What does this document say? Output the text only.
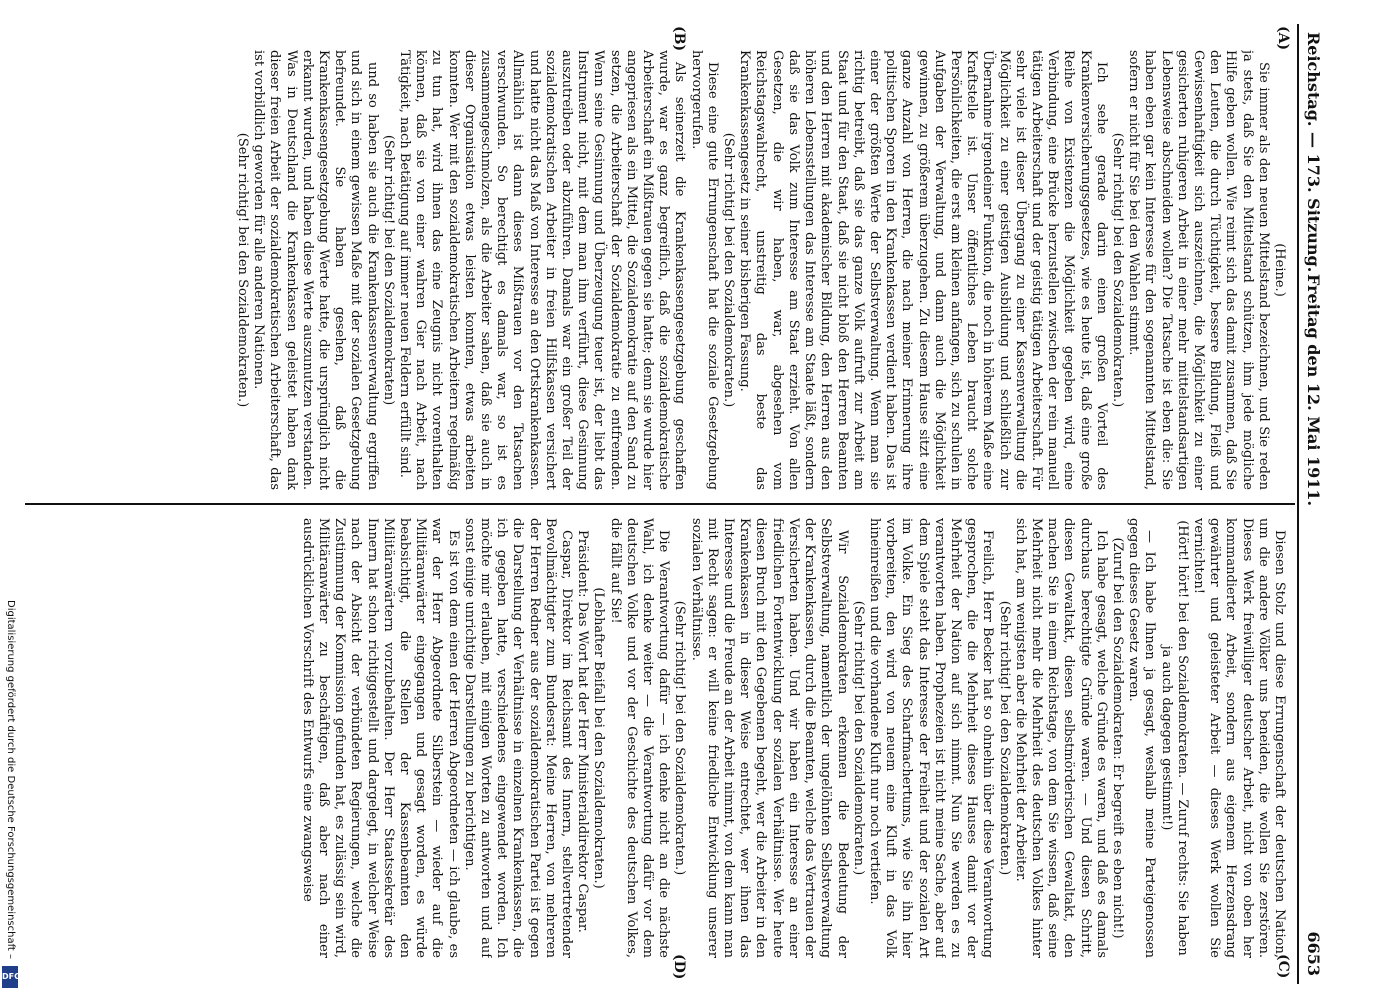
Reichstag. — 173. Sitzung.
Freitag den 12. Mai 1911.
6653
(A)
(B)
(C)
(D)

(Heine.)

Sie immer als den neuen Mittelstand bezeichnen, und Sie reden ja stets, daß Sie den Mittelstand schützen, ihm jede mögliche Hilfe geben wollen. Wie reimt sich das damit zusammen, daß Sie den Leuten, die durch Tüchtigkeit, bessere Bildung, Fleiß und Gewissenhaftigkeit sich auszeichnen, die Möglichkeit zu einer gesicherten ruhigeren Arbeit in einer mehr mittelstandsartigen Lebensweise abschneiden wollen? Die Tatsache ist eben die: Sie haben eben gar kein Interesse für den sogenannten Mittelstand, sofern er nicht für Sie bei den Wahlen stimmt.

(Sehr richtig! bei den Sozialdemokraten.)

Ich sehe gerade darin einen großen Vorteil des Krankenversicherungsgesetzes, wie es heute ist, daß eine große Reihe von Existenzen die Möglichkeit gegeben wird, eine Verbindung, eine Brücke herzustellen zwischen der rein manuell tätigen Arbeiterschaft und der geistig tätigen Arbeiterschaft. Für sehr viele ist dieser Übergang zu einer Kassenverwaltung die Möglichkeit zu einer geistigen Ausbildung und schließlich zur Übernahme irgendeiner Funktion, die noch in höherem Maße eine Kraftstelle ist. Unser öffentliches Leben braucht solche Persönlichkeiten, die erst am kleinen anfangen, sich zu schulen in Aufgaben der Verwaltung, und dann auch die Möglichkeit gewinnen, zu größerem überzugehen. Zu diesem Hause sitzt eine ganze Anzahl von Herren, die nach meiner Erinnerung ihre politischen Sporen in den Krankenkassen verdient haben. Das ist einer der größten Werte der Selbstverwaltung. Wenn man sie richtig betreibt, daß sie das ganze Volk aufruft zur Arbeit am Staat und für den Staat, daß sie nicht bloß den Herren Beamten und den Herren mit akademischer Bildung, den Herren aus den höheren Lebensstellungen das Interesse am Staate läßt, sondern daß sie das Volk zum Interesse am Staat erzieht. Von allen Gesetzen, die wir haben, war, abgesehen vom Reichstagswahlrecht, unstreitig das beste das Krankenkassengesetz in seiner bisherigen Fassung.

(Sehr richtig! bei den Sozialdemokraten.)

Diese eine gute Errungenschaft hat die soziale Gesetzgebung hervorgerufen.

Als seinerzeit die Krankenkassengesetzgebung geschaffen wurde, war es ganz begreiflich, daß die sozialdemokratische Arbeiterschaft ein Mißtrauen gegen sie hatte; denn sie wurde hier angepriesen als ein Mittel, die Sozialdemokratie auf den Sand zu setzen, die Arbeiterschaft der Sozialdemokratie zu entfremden. Wenn seine Gesinnung und Überzeugung teuer ist, der liebt das Instrument nicht, mit dem man ihm verführt, diese Gesinnung auszutreiben oder abzuführen. Damals war ein großer Teil der sozialdemokratischen Arbeiter in freien Hilfskassen versichert und hatte nicht das Maß von Interesse an den Ortskrankenkassen. Allmählich ist dann dieses Mißtrauen vor den Tatsachen verschwunden. So berechtigt es damals war, so ist es zusammengeschmolzen, als die Arbeiter sahen, daß sie auch in dieser Organisation etwas leisten konnten, etwas arbeiten konnten. Wer mit den sozialdemokratischen Arbeitern regelmäßig zu tun hat, wird ihnen das eine Zeugnis nicht vorenthalten können, daß sie von einer wahren Gier nach Arbeit, nach Tätigkeit, nach Betätigung auf immer neuen Feldern erfüllt sind.

(Sehr richtig! bei den Sozialdemokraten)

und so haben sie auch die Krankenkassenverwaltung ergriffen und sich in einem gewissen Maße mit der sozialen Gesetzgebung befreundet. Sie haben gesehen, daß die Krankenkassengesetzgebung Werte hatte, die ursprünglich nicht erkannt wurden, und haben diese Werte auszunutzen verstanden. Was in Deutschland die Krankenkassen geleistet haben dank dieser freien Arbeit der sozialdemokratischen Arbeiterschaft, das ist vorbildlich geworden für alle anderen Nationen.

(Sehr richtig! bei den Sozialdemokraten.)

Diesen Stolz und diese Errungenschaft der deutschen Nation, um die andere Völker uns beneiden, die wollen Sie zerstören. Dieses Werk freiwilliger deutscher Arbeit, nicht von oben her kommandierter Arbeit, sondern aus eigenem Herzensdrang gewährter und geleisteter Arbeit — dieses Werk wollen Sie vernichten!

(Hört! hört! bei den Sozialdemokraten. — Zuruf rechts: Sie haben ja auch dagegen gestimmt!)

— Ich habe Ihnen ja gesagt, weshalb meine Parteigenossen gegen dieses Gesetz waren.

(Zuruf bei den Sozialdemokraten: Er begreift es eben nicht!)

Ich habe gesagt, welche Gründe es waren, und daß es damals durchaus berechtigte Gründe waren. — Und diesen Schritt, diesen Gewaltakt, diesen selbstmörderischen Gewaltakt, den machen Sie in einem Reichstage, von dem Sie wissen, daß seine Mehrheit nicht mehr die Mehrheit des deutschen Volkes hinter sich hat, am wenigsten aber die Mehrheit der Arbeiter.

(Sehr richtig! bei den Sozialdemokraten.)

Freilich, Herr Becker hat so ohnehin über diese Verantwortung gesprochen, die die Mehrheit dieses Hauses damit vor der Mehrheit der Nation auf sich nimmt. Nun Sie werden es zu verantworten haben. Prophezeien ist nicht meine Sache, aber auf dem Spiele steht das Interesse der Freiheit und der sozialen Art im Volke. Ein Sieg des Scharfmachertums, wie Sie ihn hier vorbereiten, den wird von neuem eine Kluft in das Volk hineinreißen und die vorhandene Kluft nur noch vertiefen.

(Sehr richtig! bei den Sozialdemokraten.)

Wir Sozialdemokraten erkennen die Bedeutung der Selbstverwaltung, namentlich der ungelöhnten Selbstverwaltung der Krankenkassen, durch die Beamten, welche das Vertrauen der Versicherten haben. Und wir haben ein Interesse an einer friedlichen Fortentwicklung der sozialen Verhältnisse. Wer heute diesen Bruch mit den Gegebenen begeht, wer die Arbeiter in den Krankenkassen in dieser Weise entrechtet, wer ihnen das Interesse und die Freude an der Arbeit nimmt, von dem kann man mit Recht sagen: er will keine friedliche Entwicklung unserer sozialen Verhältnisse.

(Sehr richtig! bei den Sozialdemokraten.)

Die Verantwortung dafür — ich denke nicht an die nächste Wahl, ich denke weiter — die Verantwortung dafür vor dem deutschen Volke und vor der Geschichte des deutschen Volkes, die fällt auf Sie!

(Lebhafter Beifall bei den Sozialdemokraten.)

Präsident: Das Wort hat der Herr Ministerialdirektor Caspar.

Caspar, Direktor im Reichsamt des Innern, stellvertretender Bevollmächtigter zum Bundesrat: Meine Herren, von mehreren der Herren Redner aus der sozialdemokratischen Partei ist gegen die Darstellung der Verhältnisse in einzelnen Krankenkassen, die ich gegeben hatte, verschiedenes eingewendet worden. Ich möchte mir erlauben, mit einigen Worten zu antworten und auf sonst einige unrichtige Darstellungen zu berichtigen.

Es ist von dem einen der Herren Abgeordneten — ich glaube, es war der Herr Abgeordnete Silberstein — wieder auf die Militäranwärter eingegangen und gesagt worden, es würde beabsichtigt, die Stellen der Kassenbeamten den Militäranwärtern vorzubehalten. Der Herr Staatssekretär des Innern hat schon richtiggestellt und dargelegt, in welcher Weise nach der Absicht der verbündeten Regierungen, welche die Zustimmung der Kommission gefunden hat, es zulässig sein wird, Militäranwärter zu beschäftigen, daß aber nach einer ausdrücklichen Vorschrift des Entwurfs eine zwangsweise

Digitalisierung gefördert durch die Deutsche Forschungsgemeinschaft –
DFG
